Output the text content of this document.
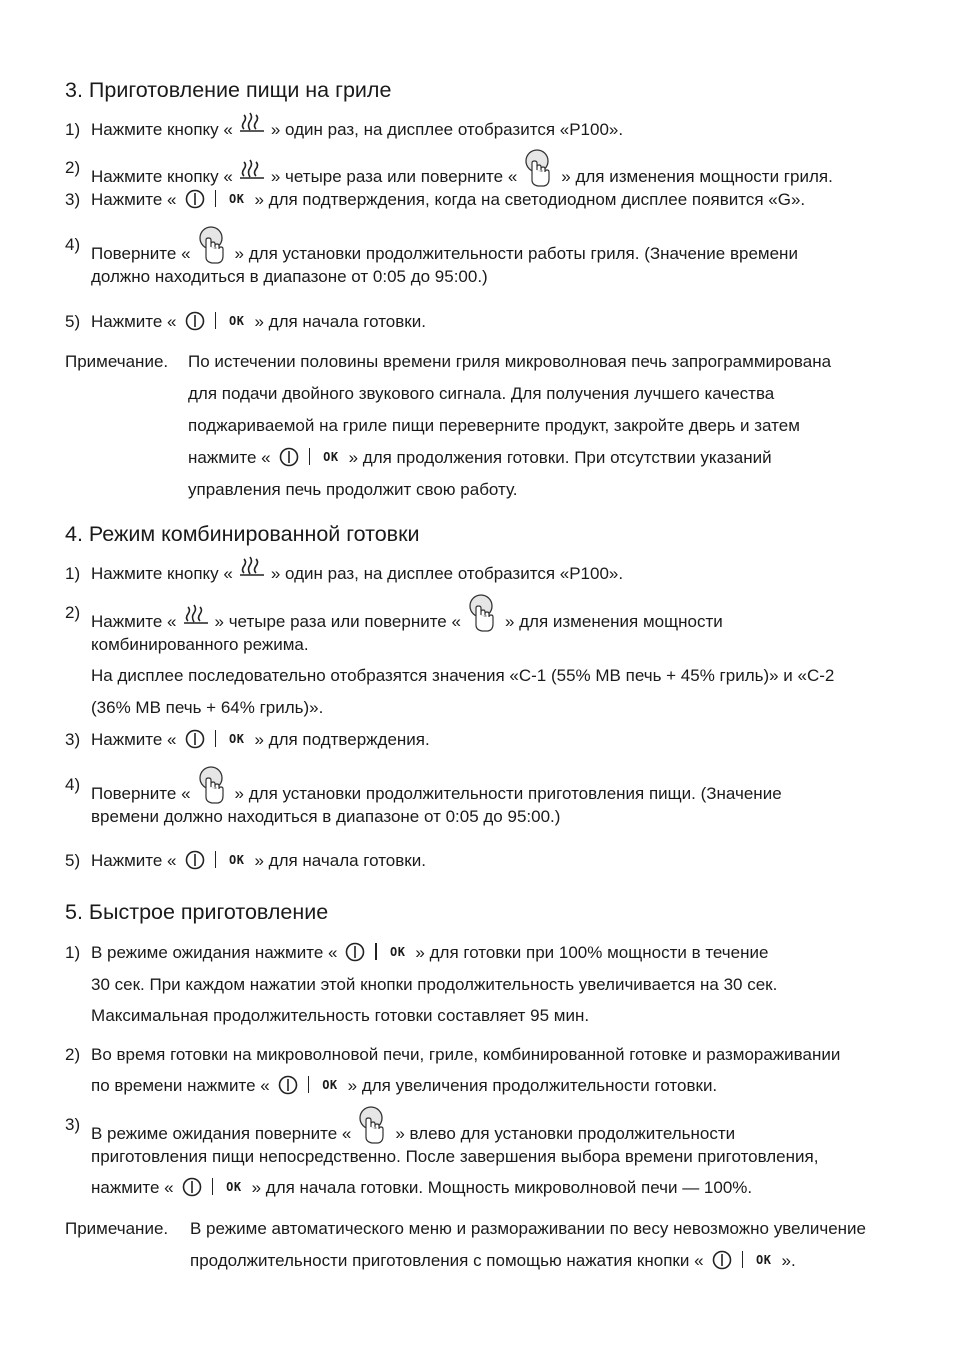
3. Приготовление пищи на гриле
1) Нажмите кнопку « » один раз, на дисплее отобразится «P100».
2) Нажмите кнопку « » четыре раза или поверните «	» для изменения мощности гриля.
3) Нажмите «	OK » для подтверждения, когда на светодиодном дисплее появится «G».
4) Поверните «	» для установки продолжительности работы гриля. (Значение времени
должно находиться в диапазоне от 0:05 до 95:00.)
5) Нажмите «	OK » для начала готовки.
Примечание. По истечении половины времени гриля микроволновая печь запрограммирована
для подачи двойного звукового сигнала. Для получения лучшего качества
поджариваемой на гриле пищи переверните продукт, закройте дверь и затем
нажмите «	OK » для продолжения готовки. При отсутствии указаний
управления печь продолжит свою работу.
4. Режим комбинированной готовки
1) Нажмите кнопку « » один раз, на дисплее отобразится «P100».
2) Нажмите « » четыре раза или поверните «	» для изменения мощности
комбинированного режима.
На дисплее последовательно отобразятся значения «C-1 (55% МВ печь + 45% гриль)» и «C-2
(36% МВ печь + 64% гриль)».
3) Нажмите «	OK » для подтверждения.
4) Поверните «	» для установки продолжительности приготовления пищи. (Значение
времени должно находиться в диапазоне от 0:05 до 95:00.)
5) Нажмите «	OK » для начала готовки.
5. Быстрое приготовление
1) В режиме ожидания нажмите «	OK » для готовки при 100% мощности в течение
30 сек. При каждом нажатии этой кнопки продолжительность увеличивается на 30 сек.
Максимальная продолжительность готовки составляет 95 мин.
2) Во время готовки на микроволновой печи, гриле, комбинированной готовке и размораживании
по времени нажмите «	OK » для увеличения продолжительности готовки.
3) В режиме ожидания поверните «	» влево для установки продолжительности
приготовления пищи непосредственно. После завершения выбора времени приготовления,
нажмите «	OK » для начала готовки. Мощность микроволновой печи — 100%.
Примечание. В режиме автоматического меню и размораживании по весу невозможно увеличение
продолжительности приготовления с помощью нажатия кнопки «	OK ».
